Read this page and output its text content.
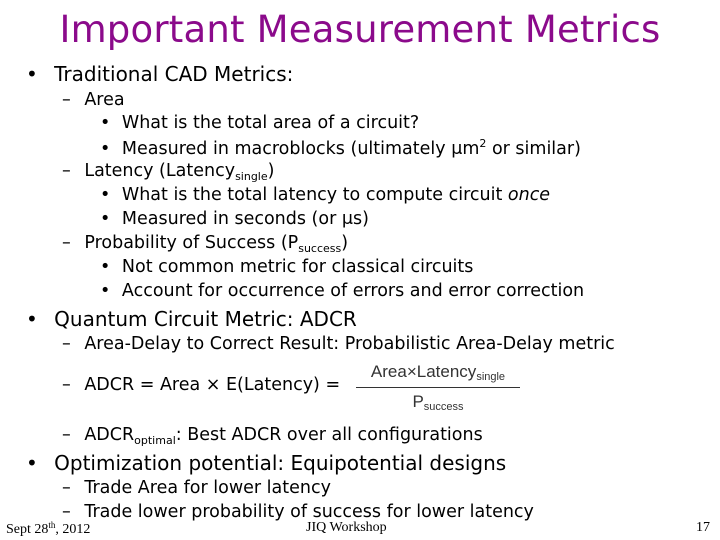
Important Measurement Metrics
• Traditional CAD Metrics:
– Area
• What is the total area of a circuit?
• Measured in macroblocks (ultimately $\mu m^2$ or similar)
– Latency (Latency$_{single}$)
• What is the total latency to compute circuit once
• Measured in seconds (or μs)
– Probability of Success $(P_{success})$
• Not common metric for classical circuits
• Account for occurrence of errors and error correction
• Quantum Circuit Metric: ADCR
– Area-Delay to Correct Result: Probabilistic Area-Delay metric
– ADCR = Area × E(Latency) =
Area×Latency$_{single}$
$P_{success}$
– $ADCR_{optimal}$: Best ADCR over all configurations
• Optimization potential: Equipotential designs
– Trade Area for lower latency
– Trade lower probability of success for lower latency
Sept 28th, 2012	JIQ Workshop	17
